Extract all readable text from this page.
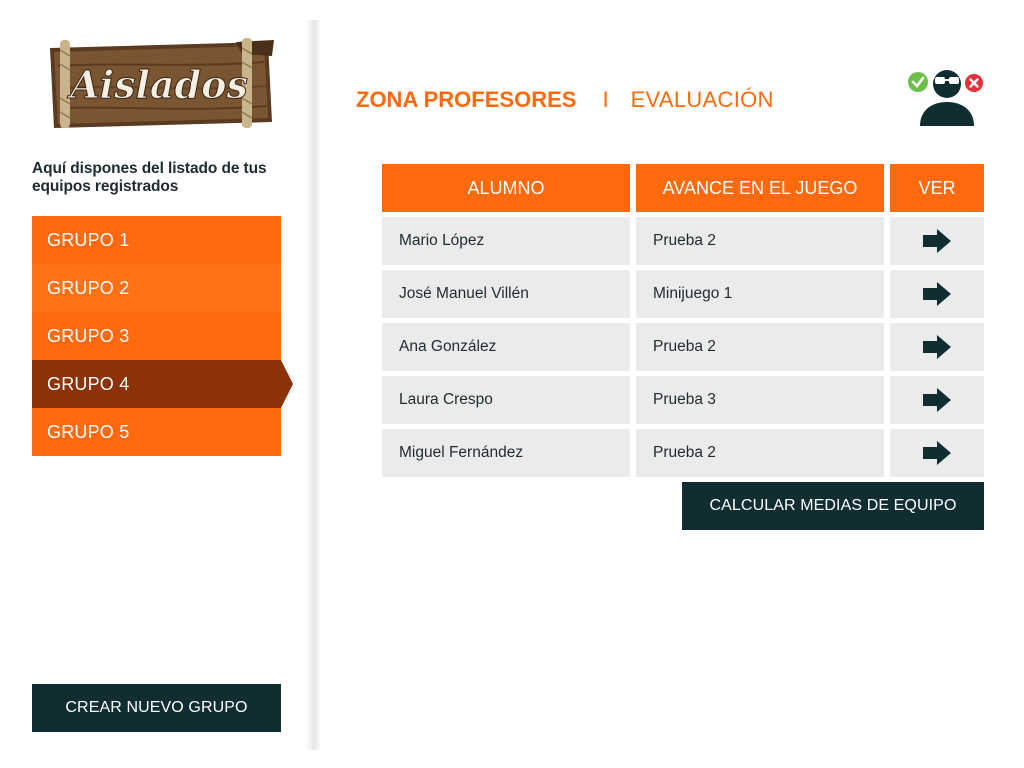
Aislados

Aquí dispones del listado de tus equipos registrados

GRUPO 1
GRUPO 2
GRUPO 3
GRUPO 4
GRUPO 5
CREAR NUEVO GRUPO
ZONA PROFESORES I EVALUACIÓN
ALUMNO	AVANCE EN EL JUEGO	VER
Mario López	Prueba 2
José Manuel Villén	Minijuego 1
Ana González	Prueba 2
Laura Crespo	Prueba 3
Miguel Fernández	Prueba 2
CALCULAR MEDIAS DE EQUIPO
